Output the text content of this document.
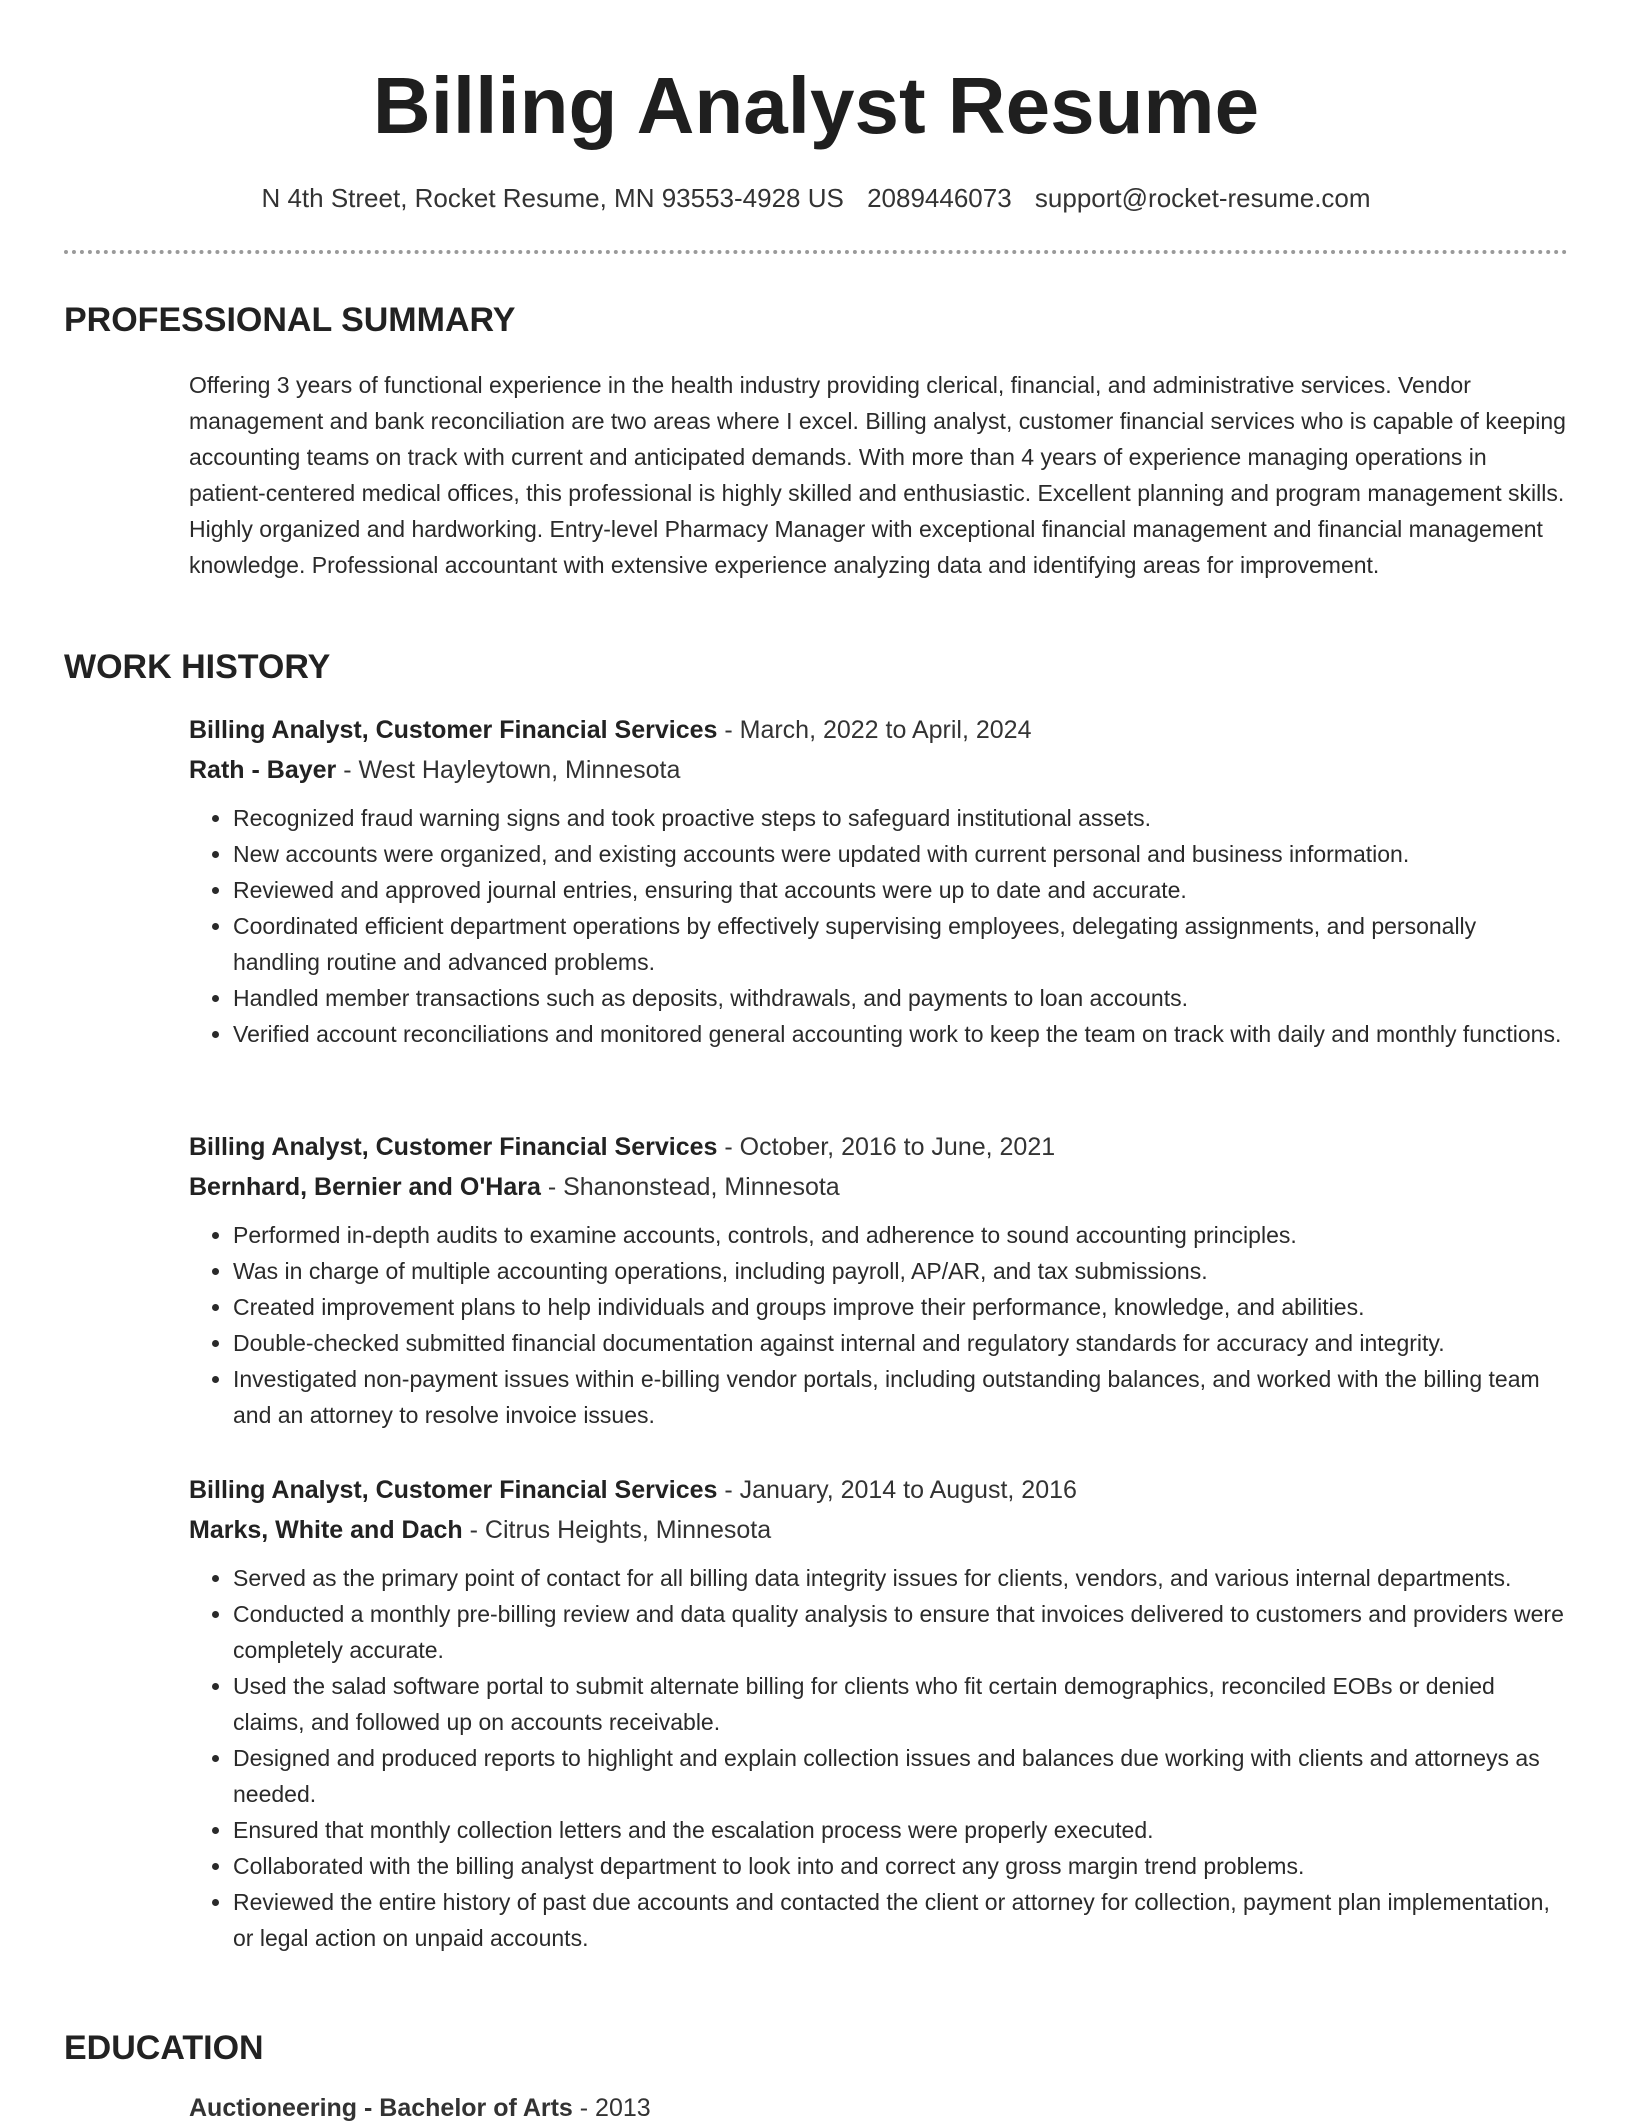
Billing Analyst Resume
N 4th Street, Rocket Resume, MN 93553-4928 US 2089446073 support@rocket-resume.com
PROFESSIONAL SUMMARY

Offering 3 years of functional experience in the health industry providing clerical, financial, and administrative services. Vendor management and bank reconciliation are two areas where I excel. Billing analyst, customer financial services who is capable of keeping accounting teams on track with current and anticipated demands. With more than 4 years of experience managing operations in patient-centered medical offices, this professional is highly skilled and enthusiastic. Excellent planning and program management skills. Highly organized and hardworking. Entry-level Pharmacy Manager with exceptional financial management and financial management knowledge. Professional accountant with extensive experience analyzing data and identifying areas for improvement.

WORK HISTORY
Billing Analyst, Customer Financial Services - March, 2022 to April, 2024
Rath - Bayer - West Hayleytown, Minnesota
• Recognized fraud warning signs and took proactive steps to safeguard institutional assets.
• New accounts were organized, and existing accounts were updated with current personal and business information.
• Reviewed and approved journal entries, ensuring that accounts were up to date and accurate.
• Coordinated efficient department operations by effectively supervising employees, delegating assignments, and personally handling routine and advanced problems.
• Handled member transactions such as deposits, withdrawals, and payments to loan accounts.
• Verified account reconciliations and monitored general accounting work to keep the team on track with daily and monthly functions.
Billing Analyst, Customer Financial Services - October, 2016 to June, 2021
Bernhard, Bernier and O'Hara - Shanonstead, Minnesota
• Performed in-depth audits to examine accounts, controls, and adherence to sound accounting principles.
• Was in charge of multiple accounting operations, including payroll, AP/AR, and tax submissions.
• Created improvement plans to help individuals and groups improve their performance, knowledge, and abilities.
• Double-checked submitted financial documentation against internal and regulatory standards for accuracy and integrity.
• Investigated non-payment issues within e-billing vendor portals, including outstanding balances, and worked with the billing team and an attorney to resolve invoice issues.
Billing Analyst, Customer Financial Services - January, 2014 to August, 2016
Marks, White and Dach - Citrus Heights, Minnesota
• Served as the primary point of contact for all billing data integrity issues for clients, vendors, and various internal departments.
• Conducted a monthly pre-billing review and data quality analysis to ensure that invoices delivered to customers and providers were completely accurate.
• Used the salad software portal to submit alternate billing for clients who fit certain demographics, reconciled EOBs or denied claims, and followed up on accounts receivable.
• Designed and produced reports to highlight and explain collection issues and balances due working with clients and attorneys as needed.
• Ensured that monthly collection letters and the escalation process were properly executed.
• Collaborated with the billing analyst department to look into and correct any gross margin trend problems.
• Reviewed the entire history of past due accounts and contacted the client or attorney for collection, payment plan implementation, or legal action on unpaid accounts.
EDUCATION
Auctioneering - Bachelor of Arts - 2013
